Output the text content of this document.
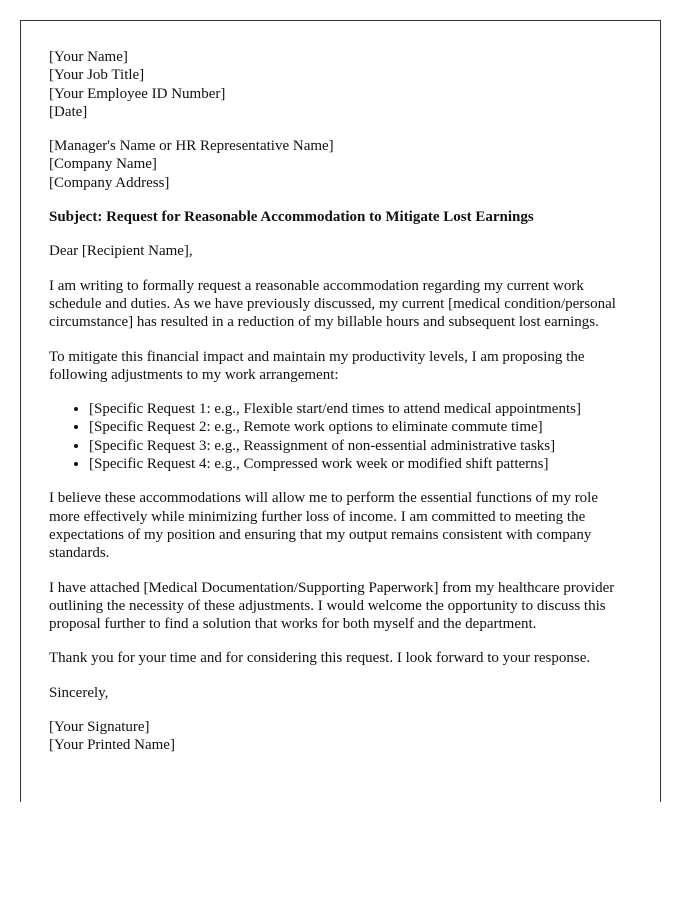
[Your Name]
[Your Job Title]
[Your Employee ID Number]
[Date]
[Manager's Name or HR Representative Name]
[Company Name]
[Company Address]
Subject: Request for Reasonable Accommodation to Mitigate Lost Earnings

Dear [Recipient Name],

I am writing to formally request a reasonable accommodation regarding my current work schedule and duties. As we have previously discussed, my current [medical condition/personal circumstance] has resulted in a reduction of my billable hours and subsequent lost earnings.

To mitigate this financial impact and maintain my productivity levels, I am proposing the following adjustments to my work arrangement:

• [Specific Request 1: e.g., Flexible start/end times to attend medical appointments]
• [Specific Request 2: e.g., Remote work options to eliminate commute time]
• [Specific Request 3: e.g., Reassignment of non-essential administrative tasks]
• [Specific Request 4: e.g., Compressed work week or modified shift patterns]

I believe these accommodations will allow me to perform the essential functions of my role more effectively while minimizing further loss of income. I am committed to meeting the expectations of my position and ensuring that my output remains consistent with company standards.

I have attached [Medical Documentation/Supporting Paperwork] from my healthcare provider outlining the necessity of these adjustments. I would welcome the opportunity to discuss this proposal further to find a solution that works for both myself and the department.

Thank you for your time and for considering this request. I look forward to your response.

Sincerely,

[Your Signature]
[Your Printed Name]
